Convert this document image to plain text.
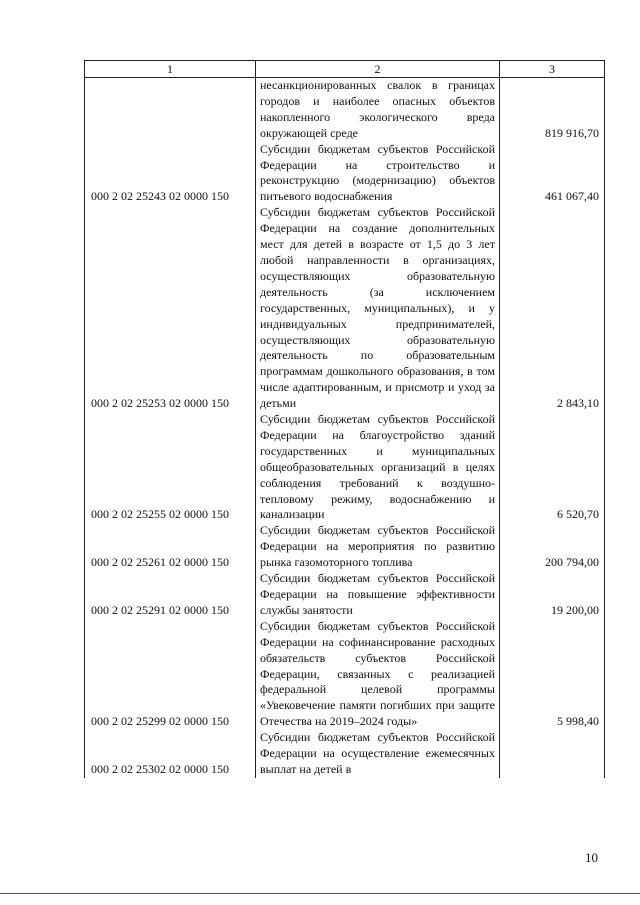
1	2	3
	несанкционированных свалок в границах городов и наиболее опасных объектов накопленного экологического вреда окружающей среде	819 916,70
000 2 02 25243 02 0000 150	Субсидии бюджетам субъектов Российской Федерации на строительство и реконструкцию (модернизацию) объектов питьевого водоснабжения	461 067,40
000 2 02 25253 02 0000 150	Субсидии бюджетам субъектов Российской Федерации на создание дополнительных мест для детей в возрасте от 1,5 до 3 лет любой направленности в организациях, осуществляющих образовательную деятельность (за исключением государственных, муниципальных), и у индивидуальных предпринимателей, осуществляющих образовательную деятельность по образовательным программам дошкольного образования, в том числе адаптированным, и присмотр и уход за детьми	2 843,10
000 2 02 25255 02 0000 150	Субсидии бюджетам субъектов Российской Федерации на благоустройство зданий государственных и муниципальных общеобразовательных организаций в целях соблюдения требований к воздушно-тепловому режиму, водоснабжению и канализации	6 520,70
000 2 02 25261 02 0000 150	Субсидии бюджетам субъектов Российской Федерации на мероприятия по развитию рынка газомоторного топлива	200 794,00
000 2 02 25291 02 0000 150	Субсидии бюджетам субъектов Российской Федерации на повышение эффективности службы занятости	19 200,00
000 2 02 25299 02 0000 150	Субсидии бюджетам субъектов Российской Федерации на софинансирование расходных обязательств субъектов Российской Федерации, связанных с реализацией федеральной целевой программы «Увековечение памяти погибших при защите Отечества на 2019–2024 годы»	5 998,40
000 2 02 25302 02 0000 150	Субсидии бюджетам субъектов Российской Федерации на осуществление ежемесячных выплат на детей в	
10
